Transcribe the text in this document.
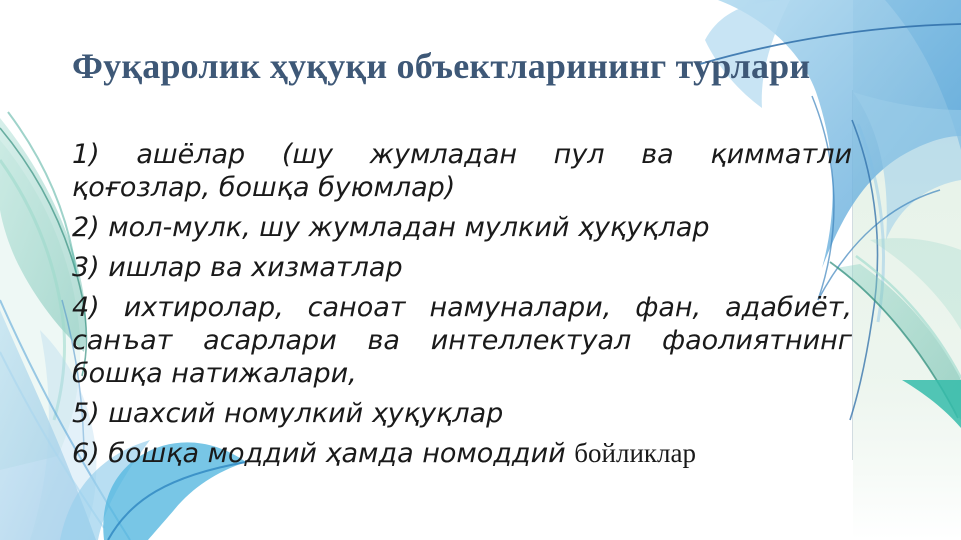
Фуқаролик ҳуқуқи объектларининг турлари
1) ашёлар (шу жумладан пул ва қимматли
қоғозлар, бошқа буюмлар)
2) мол-мулк, шу жумладан мулкий ҳуқуқлар
3) ишлар ва хизматлар
4) ихтиролар, саноат намуналари, фан, адабиёт,
санъат асарлари ва интеллектуал фаолиятнинг
бошқа натижалари,
5) шахсий номулкий ҳуқуқлар
6) бошқа моддий ҳамда номоддий бойликлар
